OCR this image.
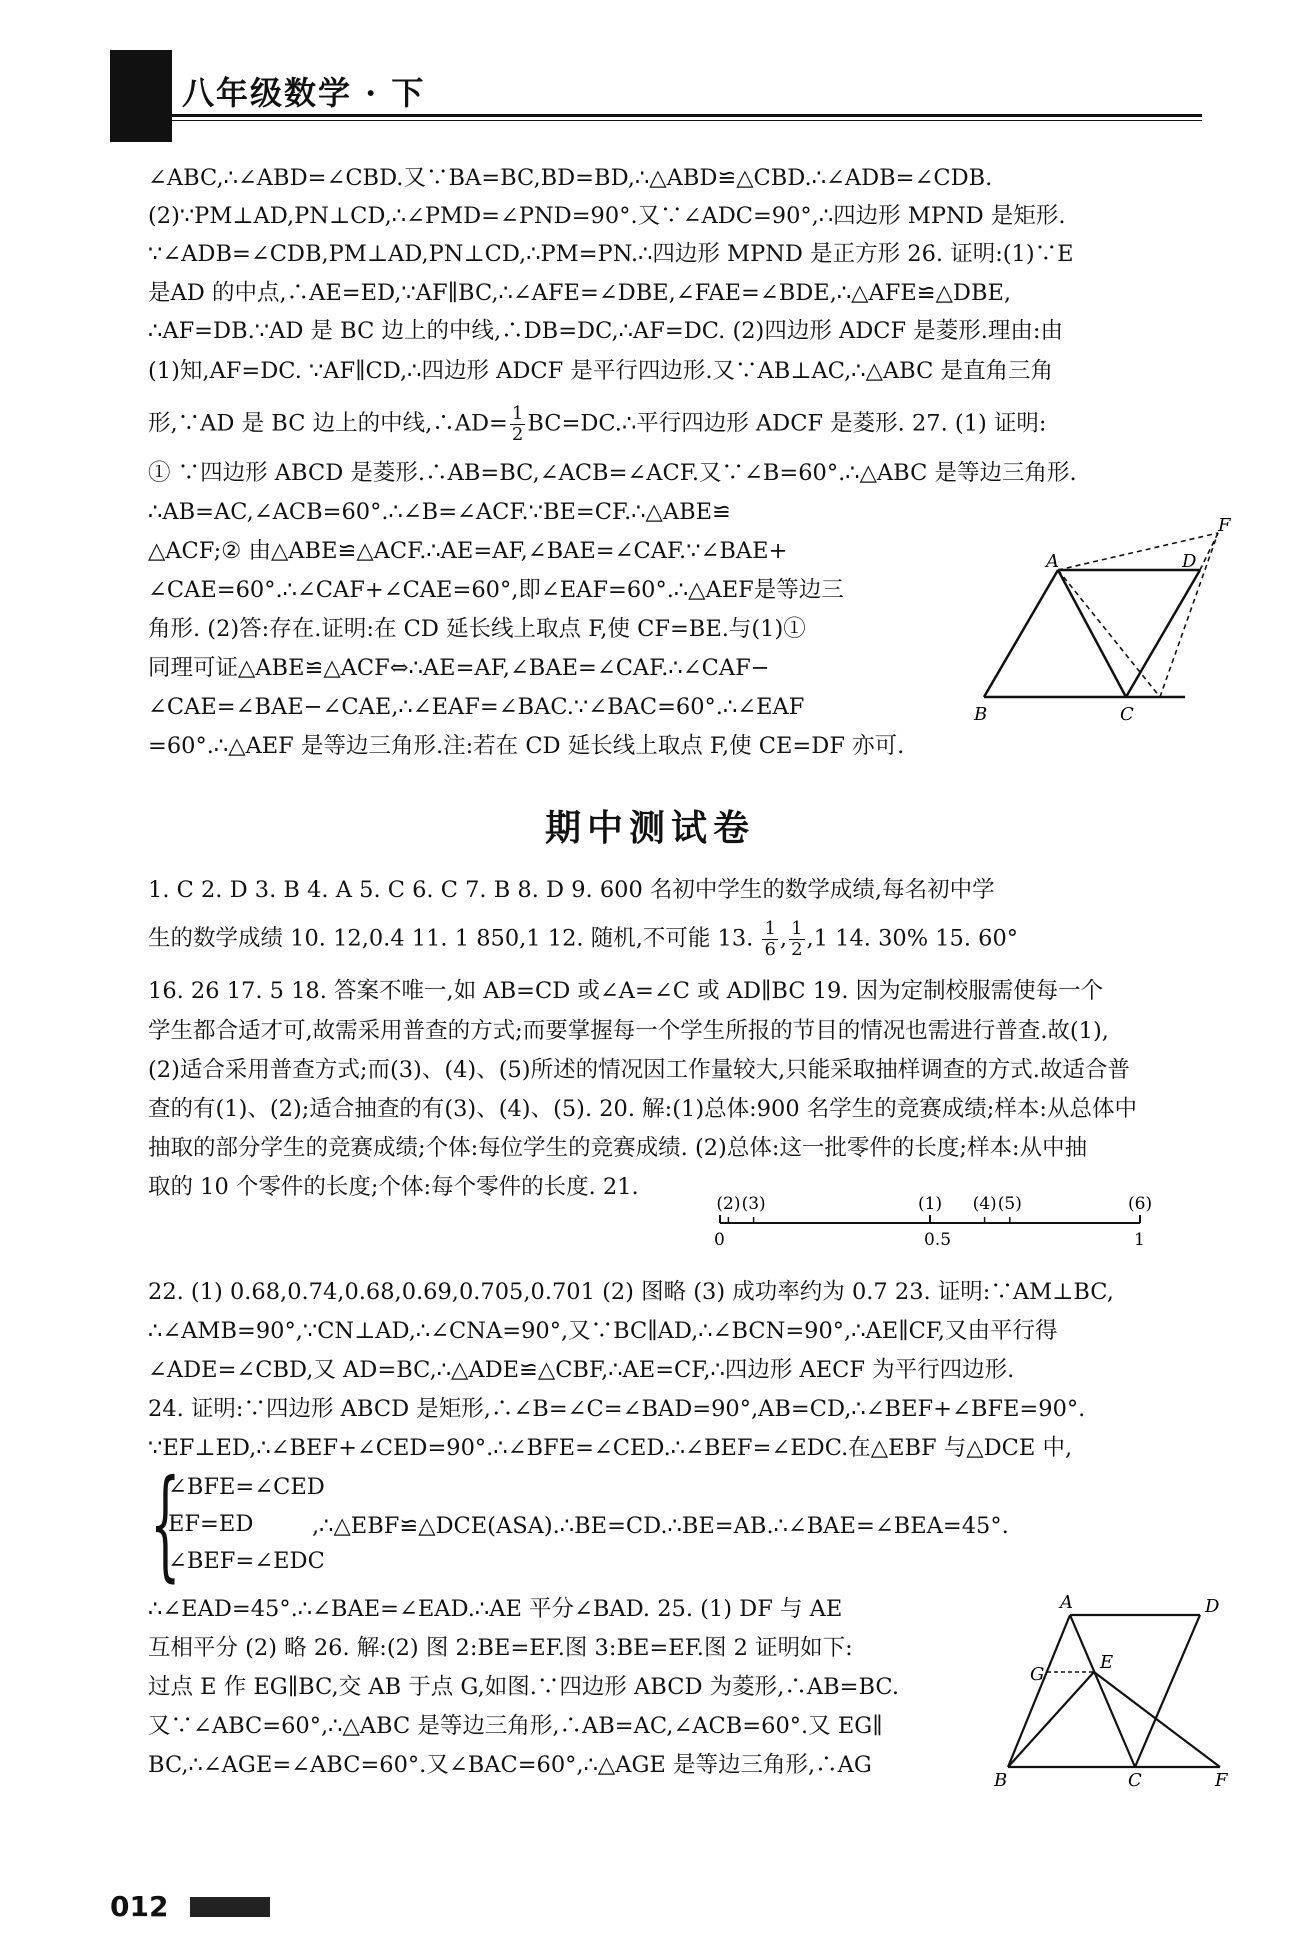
八年级数学 · 下
∠ABC,∴∠ABD=∠CBD.又∵BA=BC,BD=BD,∴△ABD≌△CBD.∴∠ADB=∠CDB.
(2)∵PM⊥AD,PN⊥CD,∴∠PMD=∠PND=90°.又∵∠ADC=90°,∴四边形 MPND 是矩形.
∵∠ADB=∠CDB,PM⊥AD,PN⊥CD,∴PM=PN.∴四边形 MPND 是正方形 26. 证明:(1)∵E
是AD 的中点,∴AE=ED,∵AF∥BC,∴∠AFE=∠DBE,∠FAE=∠BDE,∴△AFE≌△DBE,
∴AF=DB.∵AD 是 BC 边上的中线,∴DB=DC,∴AF=DC. (2)四边形 ADCF 是菱形.理由:由
(1)知,AF=DC. ∵AF∥CD,∴四边形 ADCF 是平行四边形.又∵AB⊥AC,∴△ABC 是直角三角
形,∵AD 是 BC 边上的中线,∴AD= $\frac{1}{2}$ BC=DC.∴平行四边形 ADCF 是菱形. 27. (1) 证明:
① ∵四边形 ABCD 是菱形.∴AB=BC,∠ACB=∠ACF.又∵∠B=60°.∴△ABC 是等边三角形.
∴AB=AC,∠ACB=60°.∴∠B=∠ACF.∵BE=CF.∴△ABE≌
△ACF;② 由△ABE≌△ACF.∴AE=AF,∠BAE=∠CAF.∵∠BAE+
∠CAE=60°.∴∠CAF+∠CAE=60°,即∠EAF=60°.∴△AEF是等边三
角形. (2)答:存在.证明:在 CD 延长线上取点 F,使 CF=BE.与(1)①
同理可证△ABE≌△ACF⇔∴AE=AF,∠BAE=∠CAF.∴∠CAF−
∠CAE=∠BAE−∠CAE,∴∠EAF=∠BAC.∵∠BAC=60°.∴∠EAF
=60°.∴△AEF 是等边三角形.注:若在 CD 延长线上取点 F,使 CE=DF 亦可.
A
B	C
D
F
期中测试卷
1. C 2. D 3. B 4. A 5. C 6. C 7. B 8. D 9. 600 名初中学生的数学成绩,每名初中学
生的数学成绩 10. 12,0.4 11. 1 850,1 12. 随机,不可能 13. $\frac{1}{6}$ , $\frac{1}{2} ,1$ 14. 30% 15. 60°
16. 26 17. 5 18. 答案不唯一,如 AB=CD 或∠A=∠C 或 AD∥BC 19. 因为定制校服需使每一个
学生都合适才可,故需采用普查的方式;而要掌握每一个学生所报的节目的情况也需进行普查.故(1),
(2)适合采用普查方式;而(3)、(4)、(5)所述的情况因工作量较大,只能采取抽样调查的方式.故适合普
查的有(1)、(2);适合抽查的有(3)、(4)、(5). 20. 解:(1)总体:900 名学生的竞赛成绩;样本:从总体中
抽取的部分学生的竞赛成绩;个体:每位学生的竞赛成绩. (2)总体:这一批零件的长度;样本:从中抽
取的 10 个零件的长度;个体:每个零件的长度. 21.
0	0.5	1
(2) (3)	(1) (4) (5)	(6)
22. (1) 0.68,0.74,0.68,0.69,0.705,0.701 (2) 图略 (3) 成功率约为 0.7 23. 证明:∵AM⊥BC,
∴∠AMB=90°,∵CN⊥AD,∴∠CNA=90°,又∵BC∥AD,∴∠BCN=90°,∴AE∥CF,又由平行得
∠ADE=∠CBD,又 AD=BC,∴△ADE≌△CBF,∴AE=CF,∴四边形 AECF 为平行四边形.
24. 证明:∵四边形 ABCD 是矩形,∴∠B=∠C=∠BAD=90°,AB=CD,∴∠BEF+∠BFE=90°.
∵EF⊥ED,∴∠BEF+∠CED=90°.∴∠BFE=∠CED.∴∠BEF=∠EDC.在△EBF 与△DCE 中,
{
∠BFE=∠CED
EF=ED
∠BEF=∠EDC
,∴△EBF≌△DCE(ASA).∴BE=CD.∴BE=AB.∴∠BAE=∠BEA=45°.
∴∠EAD=45°.∴∠BAE=∠EAD.∴AE 平分∠BAD. 25. (1) DF 与 AE
互相平分 (2) 略 26. 解:(2) 图 2:BE=EF.图 3:BE=EF.图 2 证明如下:
过点 E 作 EG∥BC,交 AB 于点 G,如图.∵四边形 ABCD 为菱形,∴AB=BC.
又∵∠ABC=60°,∴△ABC 是等边三角形,∴AB=AC,∠ACB=60°.又 EG∥
BC,∴∠AGE=∠ABC=60°.又∠BAC=60°,∴△AGE 是等边三角形,∴AG
A	D
G
E
B	C	F
012
